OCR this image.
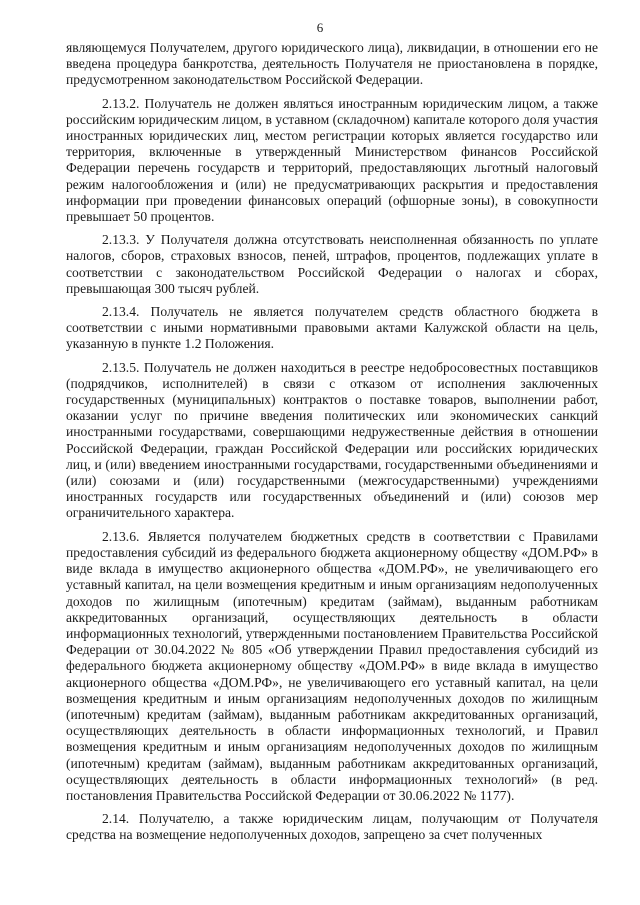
6

являющемуся Получателем, другого юридического лица), ликвидации, в отношении его не введена процедура банкротства, деятельность Получателя не приостановлена в порядке, предусмотренном законодательством Российской Федерации.

2.13.2. Получатель не должен являться иностранным юридическим лицом, а также российским юридическим лицом, в уставном (складочном) капитале которого доля участия иностранных юридических лиц, местом регистрации которых является государство или территория, включенные в утвержденный Министерством финансов Российской Федерации перечень государств и территорий, предоставляющих льготный налоговый режим налогообложения и (или) не предусматривающих раскрытия и предоставления информации при проведении финансовых операций (офшорные зоны), в совокупности превышает 50 процентов.

2.13.3. У Получателя должна отсутствовать неисполненная обязанность по уплате налогов, сборов, страховых взносов, пеней, штрафов, процентов, подлежащих уплате в соответствии с законодательством Российской Федерации о налогах и сборах, превышающая 300 тысяч рублей.

2.13.4. Получатель не является получателем средств областного бюджета в соответствии с иными нормативными правовыми актами Калужской области на цель, указанную в пункте 1.2 Положения.

2.13.5. Получатель не должен находиться в реестре недобросовестных поставщиков (подрядчиков, исполнителей) в связи с отказом от исполнения заключенных государственных (муниципальных) контрактов о поставке товаров, выполнении работ, оказании услуг по причине введения политических или экономических санкций иностранными государствами, совершающими недружественные действия в отношении Российской Федерации, граждан Российской Федерации или российских юридических лиц, и (или) введением иностранными государствами, государственными объединениями и (или) союзами и (или) государственными (межгосударственными) учреждениями иностранных государств или государственных объединений и (или) союзов мер ограничительного характера.

2.13.6. Является получателем бюджетных средств в соответствии с Правилами предоставления субсидий из федерального бюджета акционерному обществу «ДОМ.РФ» в виде вклада в имущество акционерного общества «ДОМ.РФ», не увеличивающего его уставный капитал, на цели возмещения кредитным и иным организациям недополученных доходов по жилищным (ипотечным) кредитам (займам), выданным работникам аккредитованных организаций, осуществляющих деятельность в области информационных технологий, утвержденными постановлением Правительства Российской Федерации от 30.04.2022 № 805 «Об утверждении Правил предоставления субсидий из федерального бюджета акционерному обществу «ДОМ.РФ» в виде вклада в имущество акционерного общества «ДОМ.РФ», не увеличивающего его уставный капитал, на цели возмещения кредитным и иным организациям недополученных доходов по жилищным (ипотечным) кредитам (займам), выданным работникам аккредитованных организаций, осуществляющих деятельность в области информационных технологий, и Правил возмещения кредитным и иным организациям недополученных доходов по жилищным (ипотечным) кредитам (займам), выданным работникам аккредитованных организаций, осуществляющих деятельность в области информационных технологий» (в ред. постановления Правительства Российской Федерации от 30.06.2022 № 1177).

2.14. Получателю, а также юридическим лицам, получающим от Получателя средства на возмещение недополученных доходов, запрещено за счет полученных
